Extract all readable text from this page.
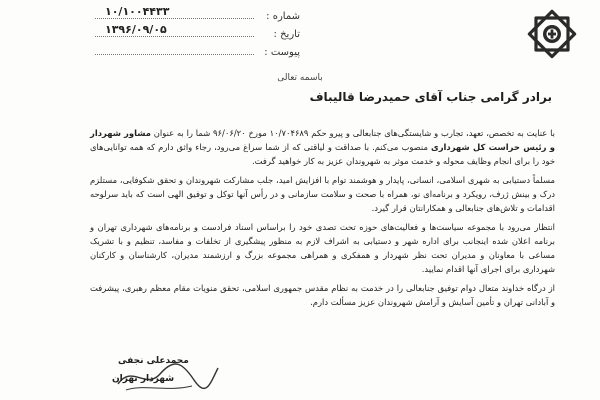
شماره :
۱۰/۱۰۰۴۴۳۳
تاریخ :
۱۳۹۶/۰۹/۰۵
پیوست :
باسمه تعالی
برادر گرامی جناب آقای حمیدرضا قالیباف

با عنایت به تخصص، تعهد، تجارب و شایستگی‌های جنابعالی و پیرو حکم ۱۰/۷۰۴۶۸۹ مورخ ۹۶/۰۶/۲۰ شما را به عنوان مشاور شهردار و رئیس حراست کل شهرداری منصوب می‌کنم. با صداقت و لیاقتی که از شما سراغ می‌رود، رجاء واثق دارم که همه توانایی‌های خود را برای انجام وظایف محوله و خدمت موثر به شهروندان عزیز به کار خواهید گرفت.

مسلماً دستیابی به شهری اسلامی، انسانی، پایدار و هوشمند توام با افزایش امید، جلب مشارکت شهروندان و تحقق شکوفایی، مستلزم درک و بینش ژرف، رویکرد و برنامه‌ای نو، همراه با صحت و سلامت سازمانی و در رأس آنها توکل و توفیق الهی است که باید سرلوحه اقدامات و تلاش‌های جنابعالی و همکارانتان قرار گیرد.

انتظار می‌رود با مجموعه سیاست‌ها و فعالیت‌های حوزه تحت تصدی خود را براساس اسناد فرادست و برنامه‌های شهرداری تهران و برنامه اعلان شده اینجانب برای اداره شهر و دستیابی به اشراف لازم به منظور پیشگیری از تخلفات و مفاسد، تنظیم و با تشریک مساعی با معاونان و مدیران تحت نظر شهردار و همفکری و همراهی مجموعه بزرگ و ارزشمند مدیران، کارشناسان و کارکنان شهرداری برای اجرای آنها اقدام نمایید.

از درگاه خداوند متعال دوام توفیق جنابعالی را در خدمت به نظام مقدس جمهوری اسلامی، تحقق منویات مقام معظم رهبری، پیشرفت و آبادانی تهران و تأمین آسایش و آرامش شهروندان عزیز مسألت دارم.

محمدعلی نجفی
شهردار تهران
